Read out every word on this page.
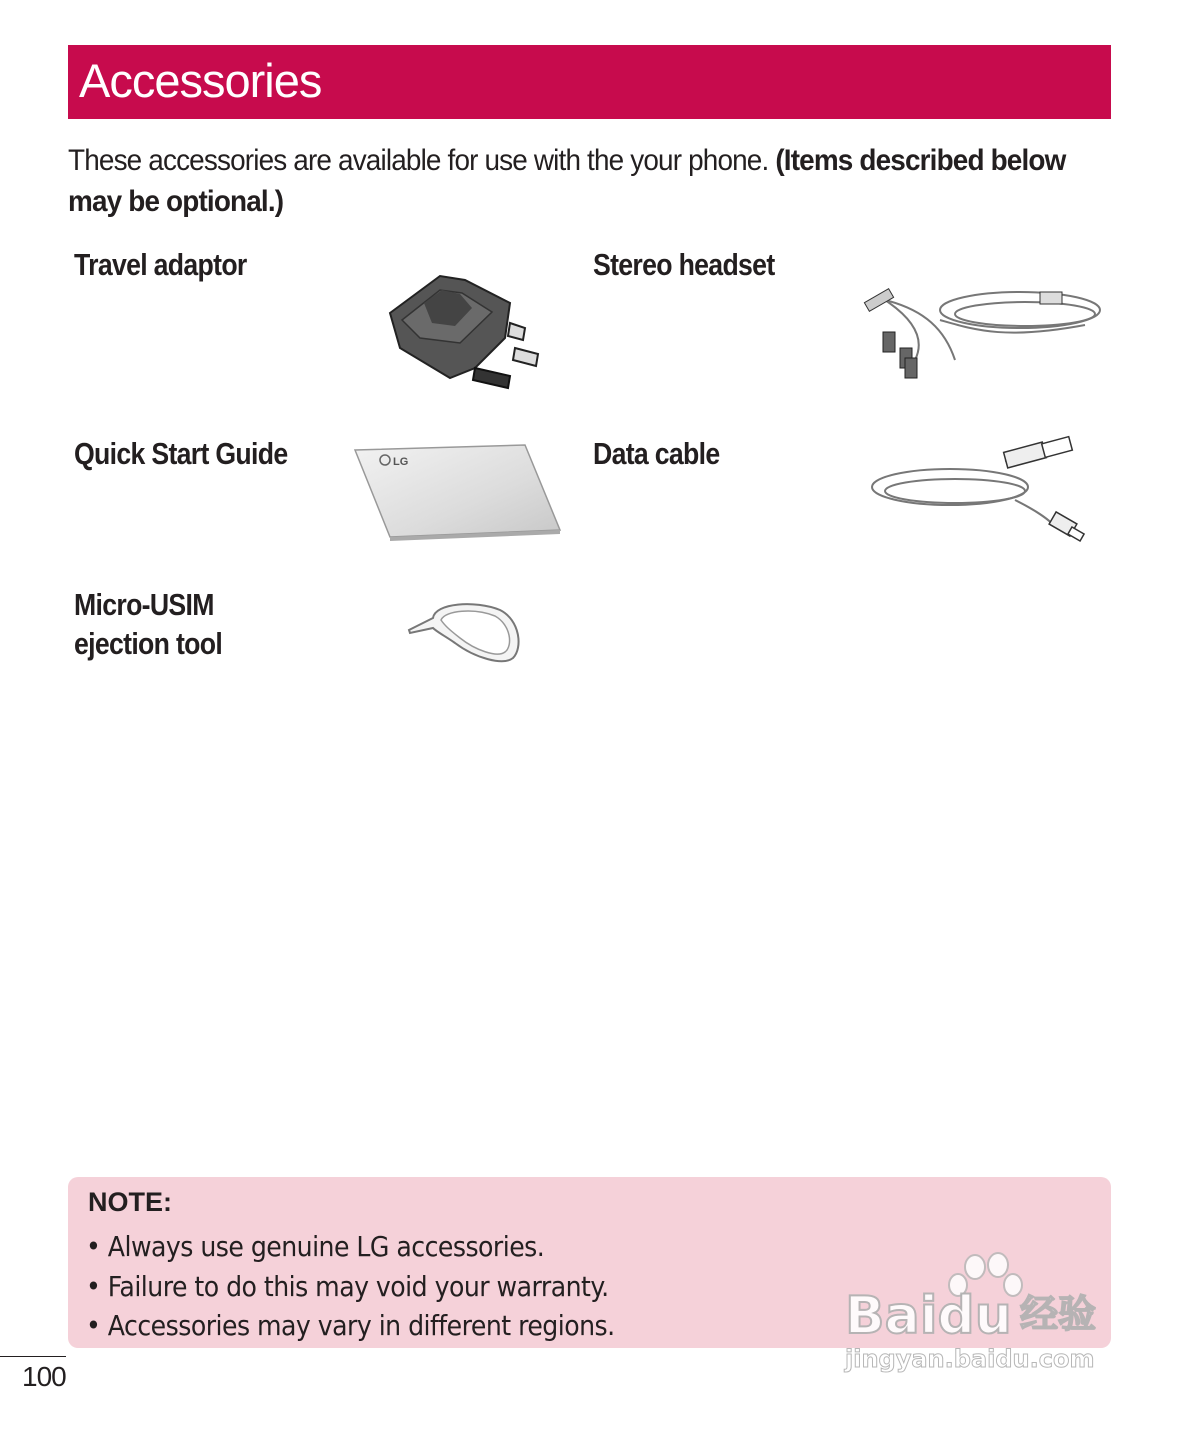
Accessories
These accessories are available for use with the your phone. (Items described below may be optional.)
Travel adaptor	Stereo headset
Quick Start Guide	LG	Data cable
Micro-USIM
ejection tool
NOTE:
• Always use genuine LG accessories.
• Failure to do this may void your warranty.
• Accessories may vary in different regions.	Baidu 经验
jingyan.baidu.com
100
